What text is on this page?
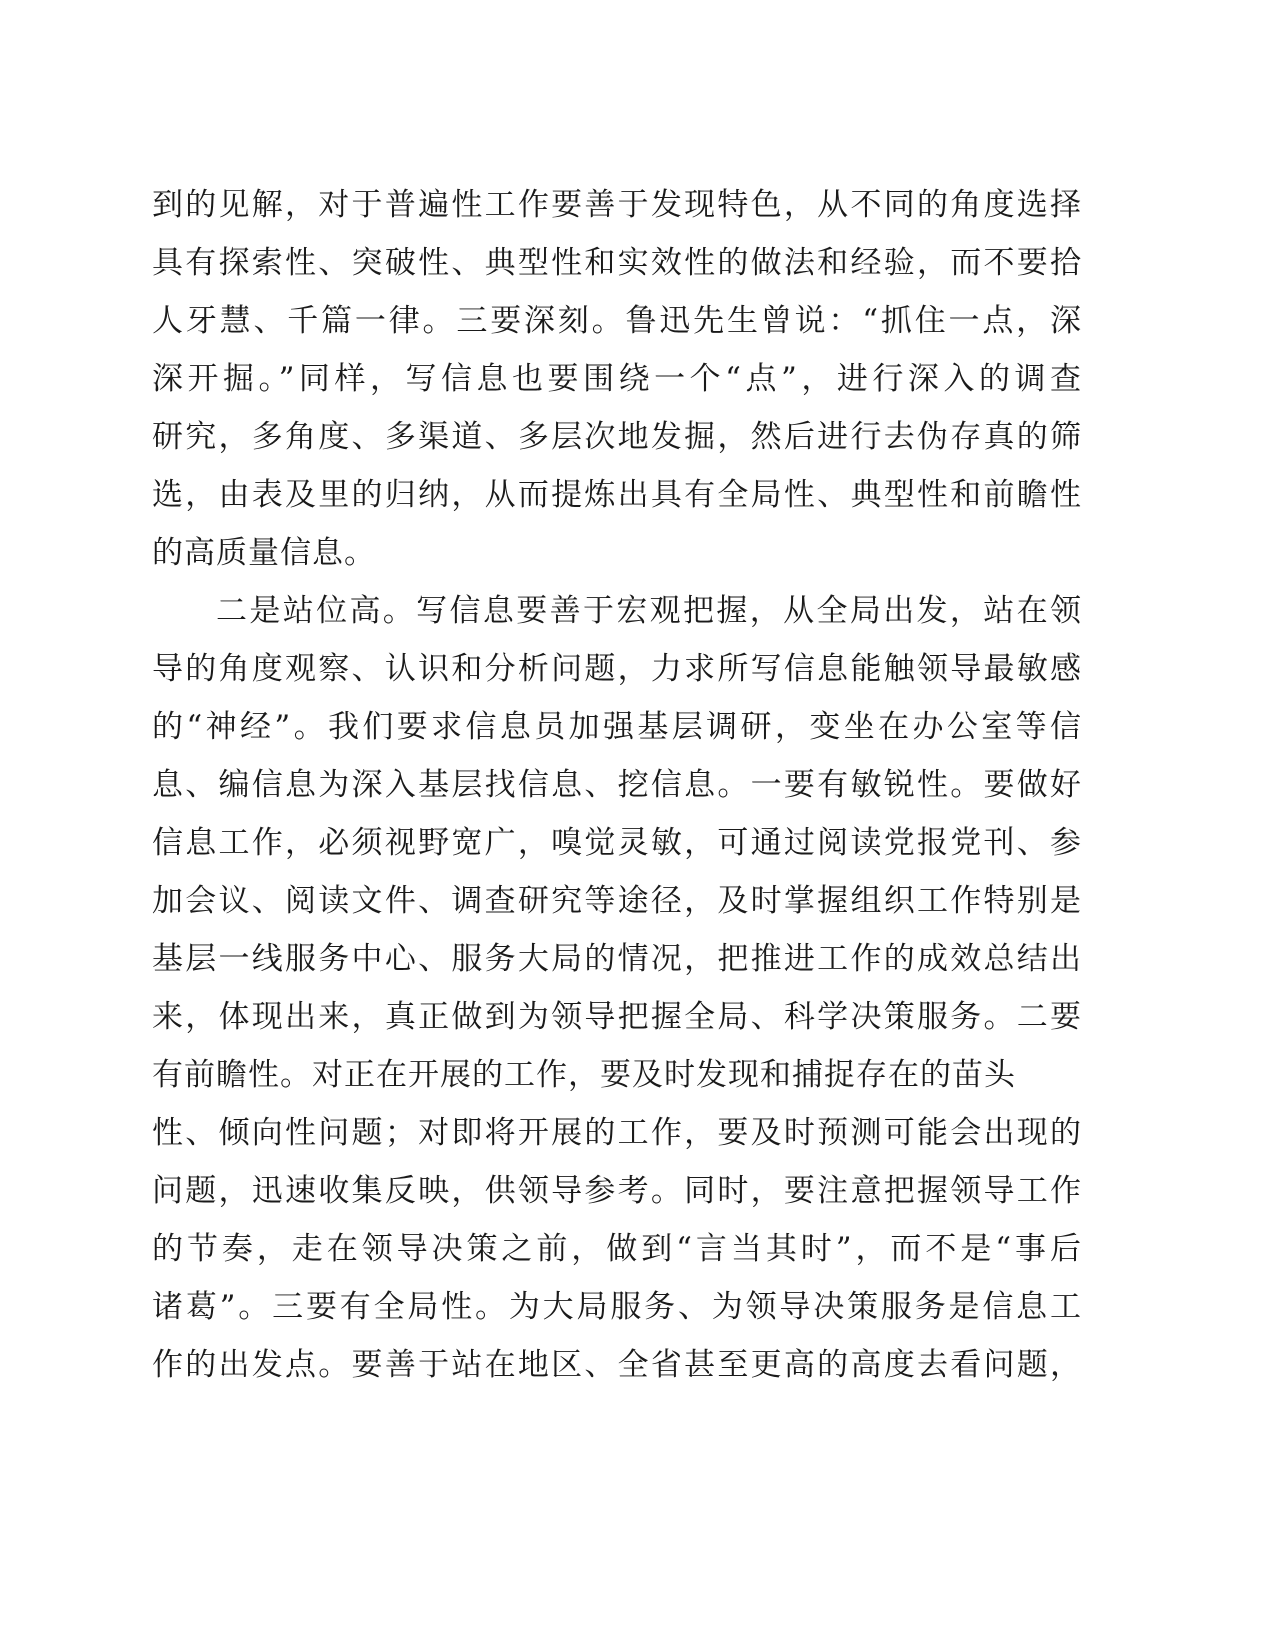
到的见解，对于普遍性工作要善于发现特色，从不同的角度选择
具有探索性、突破性、典型性和实效性的做法和经验，而不要拾
人牙慧、千篇一律。三要深刻。鲁迅先生曾说：“抓住一点，深
深开掘。”同样，写信息也要围绕一个“点”，进行深入的调查
研究，多角度、多渠道、多层次地发掘，然后进行去伪存真的筛
选，由表及里的归纳，从而提炼出具有全局性、典型性和前瞻性
的高质量信息。
二是站位高。写信息要善于宏观把握，从全局出发，站在领
导的角度观察、认识和分析问题，力求所写信息能触领导最敏感
的“神经”。我们要求信息员加强基层调研，变坐在办公室等信
息、编信息为深入基层找信息、挖信息。一要有敏锐性。要做好
信息工作，必须视野宽广，嗅觉灵敏，可通过阅读党报党刊、参
加会议、阅读文件、调查研究等途径，及时掌握组织工作特别是
基层一线服务中心、服务大局的情况，把推进工作的成效总结出
来，体现出来，真正做到为领导把握全局、科学决策服务。二要
有前瞻性。对正在开展的工作，要及时发现和捕捉存在的苗头
性、倾向性问题；对即将开展的工作，要及时预测可能会出现的
问题，迅速收集反映，供领导参考。同时，要注意把握领导工作
的节奏，走在领导决策之前，做到“言当其时”，而不是“事后
诸葛”。三要有全局性。为大局服务、为领导决策服务是信息工
作的出发点。要善于站在地区、全省甚至更高的高度去看问题，
